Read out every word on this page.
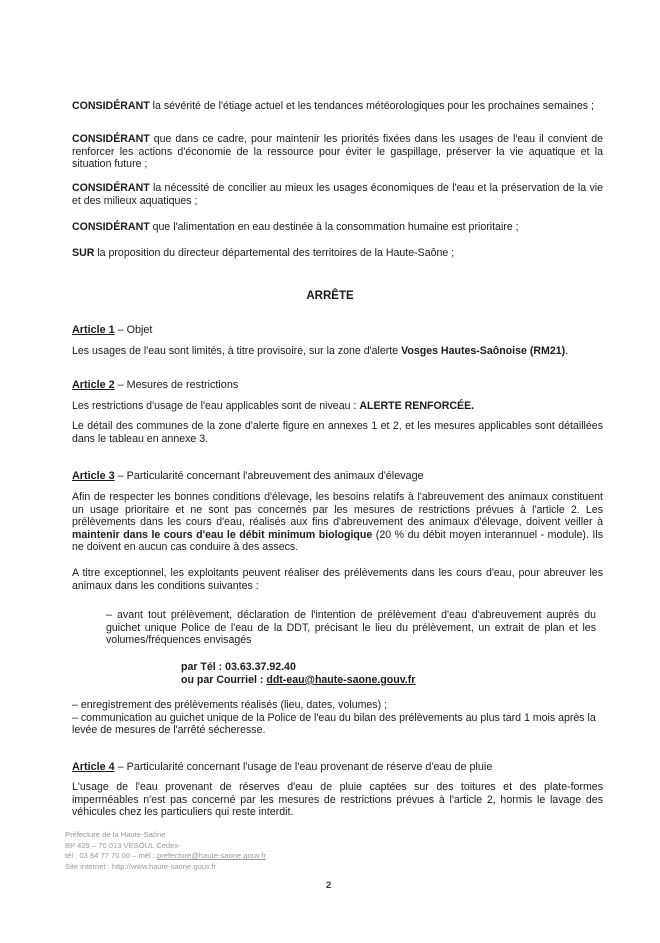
CONSIDÉRANT la sévérité de l'étiage actuel et les tendances météorologiques pour les prochaines semaines ;
CONSIDÉRANT que dans ce cadre, pour maintenir les priorités fixées dans les usages de l'eau il convient de renforcer les actions d'économie de la ressource pour éviter le gaspillage, préserver la vie aquatique et la situation future ;
CONSIDÉRANT la nécessité de concilier au mieux les usages économiques de l'eau et la préservation de la vie et des milieux aquatiques ;
CONSIDÉRANT que l'alimentation en eau destinée à la consommation humaine est prioritaire ;
SUR la proposition du directeur départemental des territoires de la Haute-Saône ;
ARRÊTE
Article 1 – Objet
Les usages de l'eau sont limités, à titre provisoire, sur la zone d'alerte Vosges Hautes-Saônoise (RM21).
Article 2 – Mesures de restrictions
Les restrictions d'usage de l'eau applicables sont de niveau : ALERTE RENFORCÉE.
Le détail des communes de la zone d'alerte figure en annexes 1 et 2, et les mesures applicables sont détaillées dans le tableau en annexe 3.
Article 3 – Particularité concernant l'abreuvement des animaux d'élevage
Afin de respecter les bonnes conditions d'élevage, les besoins relatifs à l'abreuvement des animaux constituent un usage prioritaire et ne sont pas concernés par les mesures de restrictions prévues à l'article 2. Les prélèvements dans les cours d'eau, réalisés aux fins d'abreuvement des animaux d'élevage, doivent veiller à maintenir dans le cours d'eau le débit minimum biologique (20 % du débit moyen interannuel - module). Ils ne doivent en aucun cas conduire à des assecs.
A titre exceptionnel, les exploitants peuvent réaliser des prélèvements dans les cours d'eau, pour abreuver les animaux dans les conditions suivantes :
– avant tout prélèvement, déclaration de l'intention de prélèvement d'eau d'abreuvement auprès du guichet unique Police de l'eau de la DDT, précisant le lieu du prélèvement, un extrait de plan et les volumes/fréquences envisagés
par Tél : 03.63.37.92.40
ou par Courriel : ddt-eau@haute-saone.gouv.fr
– enregistrement des prélèvements réalisés (lieu, dates, volumes) ;
– communication au guichet unique de la Police de l'eau du bilan des prélèvements au plus tard 1 mois après la levée de mesures de l'arrêté sécheresse.
Article 4 – Particularité concernant l'usage de l'eau provenant de réserve d'eau de pluie
L'usage de l'eau provenant de réserves d'eau de pluie captées sur des toitures et des plate-formes imperméables n'est pas concerné par les mesures de restrictions prévues à l'article 2, hormis le lavage des véhicules chez les particuliers qui reste interdit.
Préfecture de la Haute-Saône
BP 429 – 70 013 VESOUL Cedex-
tél : 03 84 77 70 00 – mél : prefecture@haute-saone.gouv.fr
Site internet : http://www.haute-saone.gouv.fr
2
